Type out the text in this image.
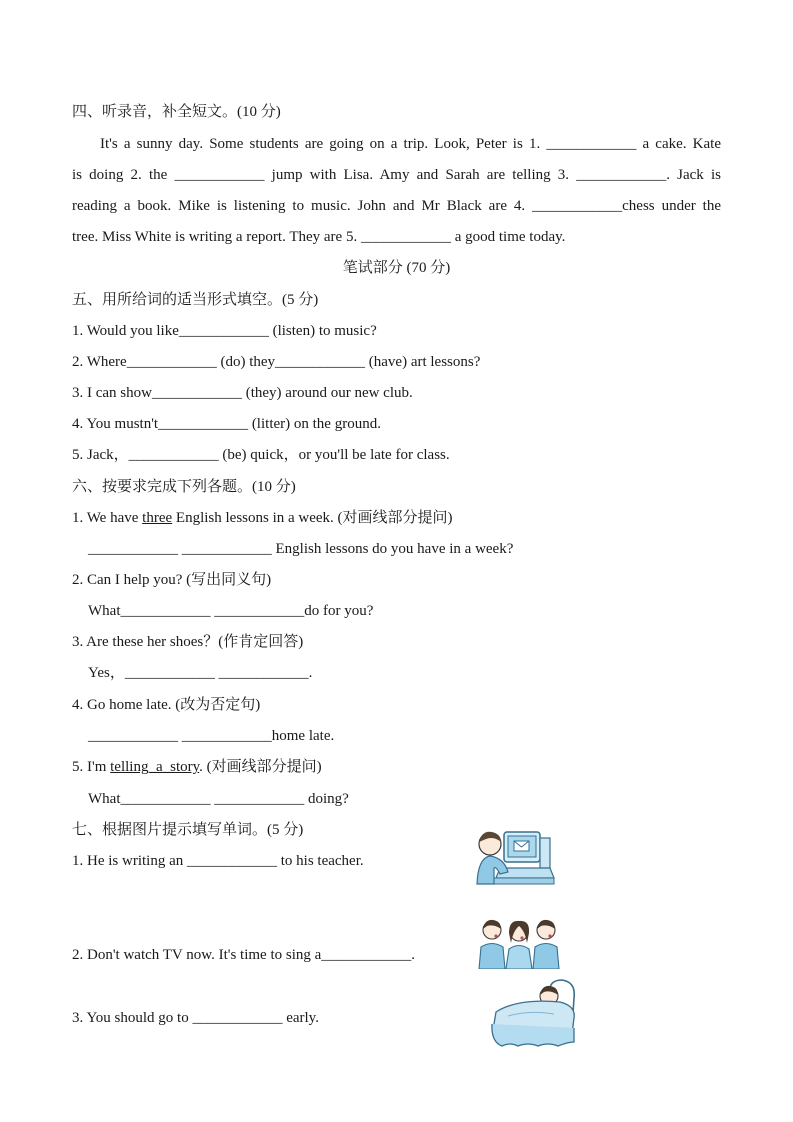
四、听录音，补全短文。(10 分)
It's a sunny day. Some students are going on a trip. Look, Peter is 1. ____________ a cake. Kate
is doing 2. the ____________ jump with Lisa. Amy and Sarah are telling 3. ____________. Jack is
reading a book. Mike is listening to music. John and Mr Black are 4. ____________chess under the
tree. Miss White is writing a report. They are 5. ____________ a good time today.
笔试部分 (70 分)
五、用所给词的适当形式填空。(5 分)
1. Would you like____________ (listen) to music?
2. Where____________ (do) they____________ (have) art lessons?
3. I can show____________ (they) around our new club.
4. You mustn't____________ (litter) on the ground.
5. Jack，____________ (be) quick，or you'll be late for class.
六、按要求完成下列各题。(10 分)
1. We have three English lessons in a week. (对画线部分提问)
____________ ____________ English lessons do you have in a week?
2. Can I help you? (写出同义句)
What____________ ____________do for you?
3. Are these her shoes？(作肯定回答)
Yes，____________ ____________.
4. Go home late. (改为否定句)
____________ ____________home late.
5. I'm telling_a_story. (对画线部分提问)
What____________ ____________ doing?
七、根据图片提示填写单词。(5 分)
1. He is writing an ____________ to his teacher.
2. Don't watch TV now. It's time to sing a____________.
3. You should go to ____________ early.
